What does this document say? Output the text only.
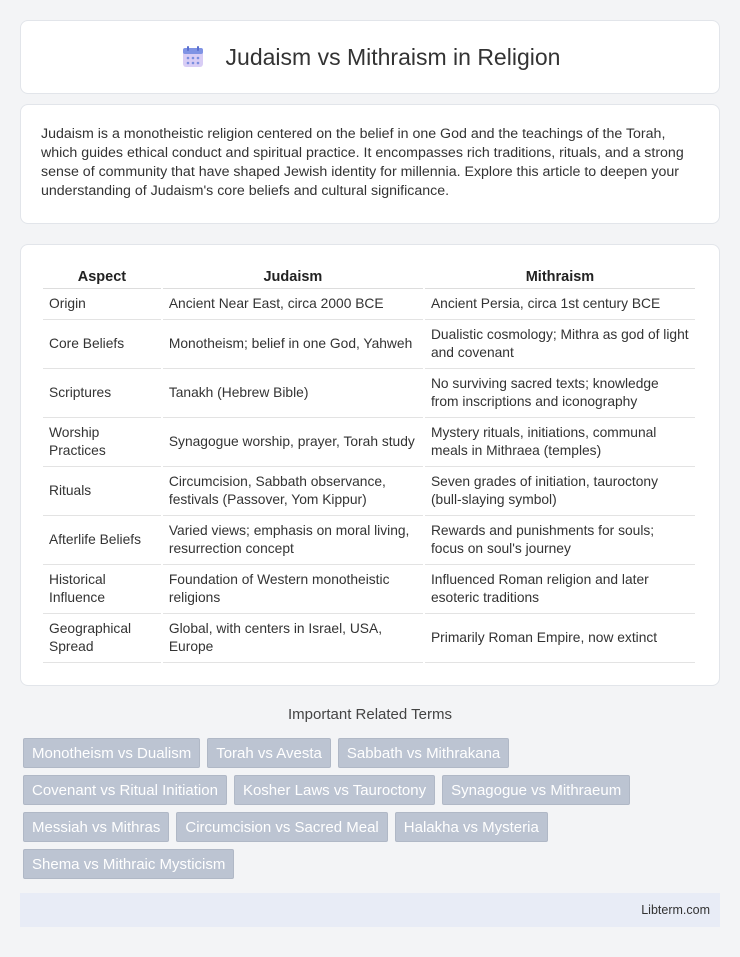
Judaism vs Mithraism in Religion

Judaism is a monotheistic religion centered on the belief in one God and the teachings of the Torah, which guides ethical conduct and spiritual practice. It encompasses rich traditions, rituals, and a strong sense of community that have shaped Jewish identity for millennia. Explore this article to deepen your understanding of Judaism's core beliefs and cultural significance.

Aspect	Judaism	Mithraism
Origin	Ancient Near East, circa 2000 BCE	Ancient Persia, circa 1st century BCE
Core Beliefs	Monotheism; belief in one God, Yahweh	Dualistic cosmology; Mithra as god of light and covenant
Scriptures	Tanakh (Hebrew Bible)	No surviving sacred texts; knowledge from inscriptions and iconography
Worship Practices	Synagogue worship, prayer, Torah study	Mystery rituals, initiations, communal meals in Mithraea (temples)
Rituals	Circumcision, Sabbath observance, festivals (Passover, Yom Kippur)	Seven grades of initiation, tauroctony (bull-slaying symbol)
Afterlife Beliefs	Varied views; emphasis on moral living, resurrection concept	Rewards and punishments for souls; focus on soul's journey
Historical Influence	Foundation of Western monotheistic religions	Influenced Roman religion and later esoteric traditions
Geographical Spread	Global, with centers in Israel, USA, Europe	Primarily Roman Empire, now extinct
Important Related Terms
Monotheism vs Dualism	Torah vs Avesta	Sabbath vs Mithrakana
Covenant vs Ritual Initiation	Kosher Laws vs Tauroctony	Synagogue vs Mithraeum
Messiah vs Mithras	Circumcision vs Sacred Meal	Halakha vs Mysteria
Shema vs Mithraic Mysticism
Libterm.com
